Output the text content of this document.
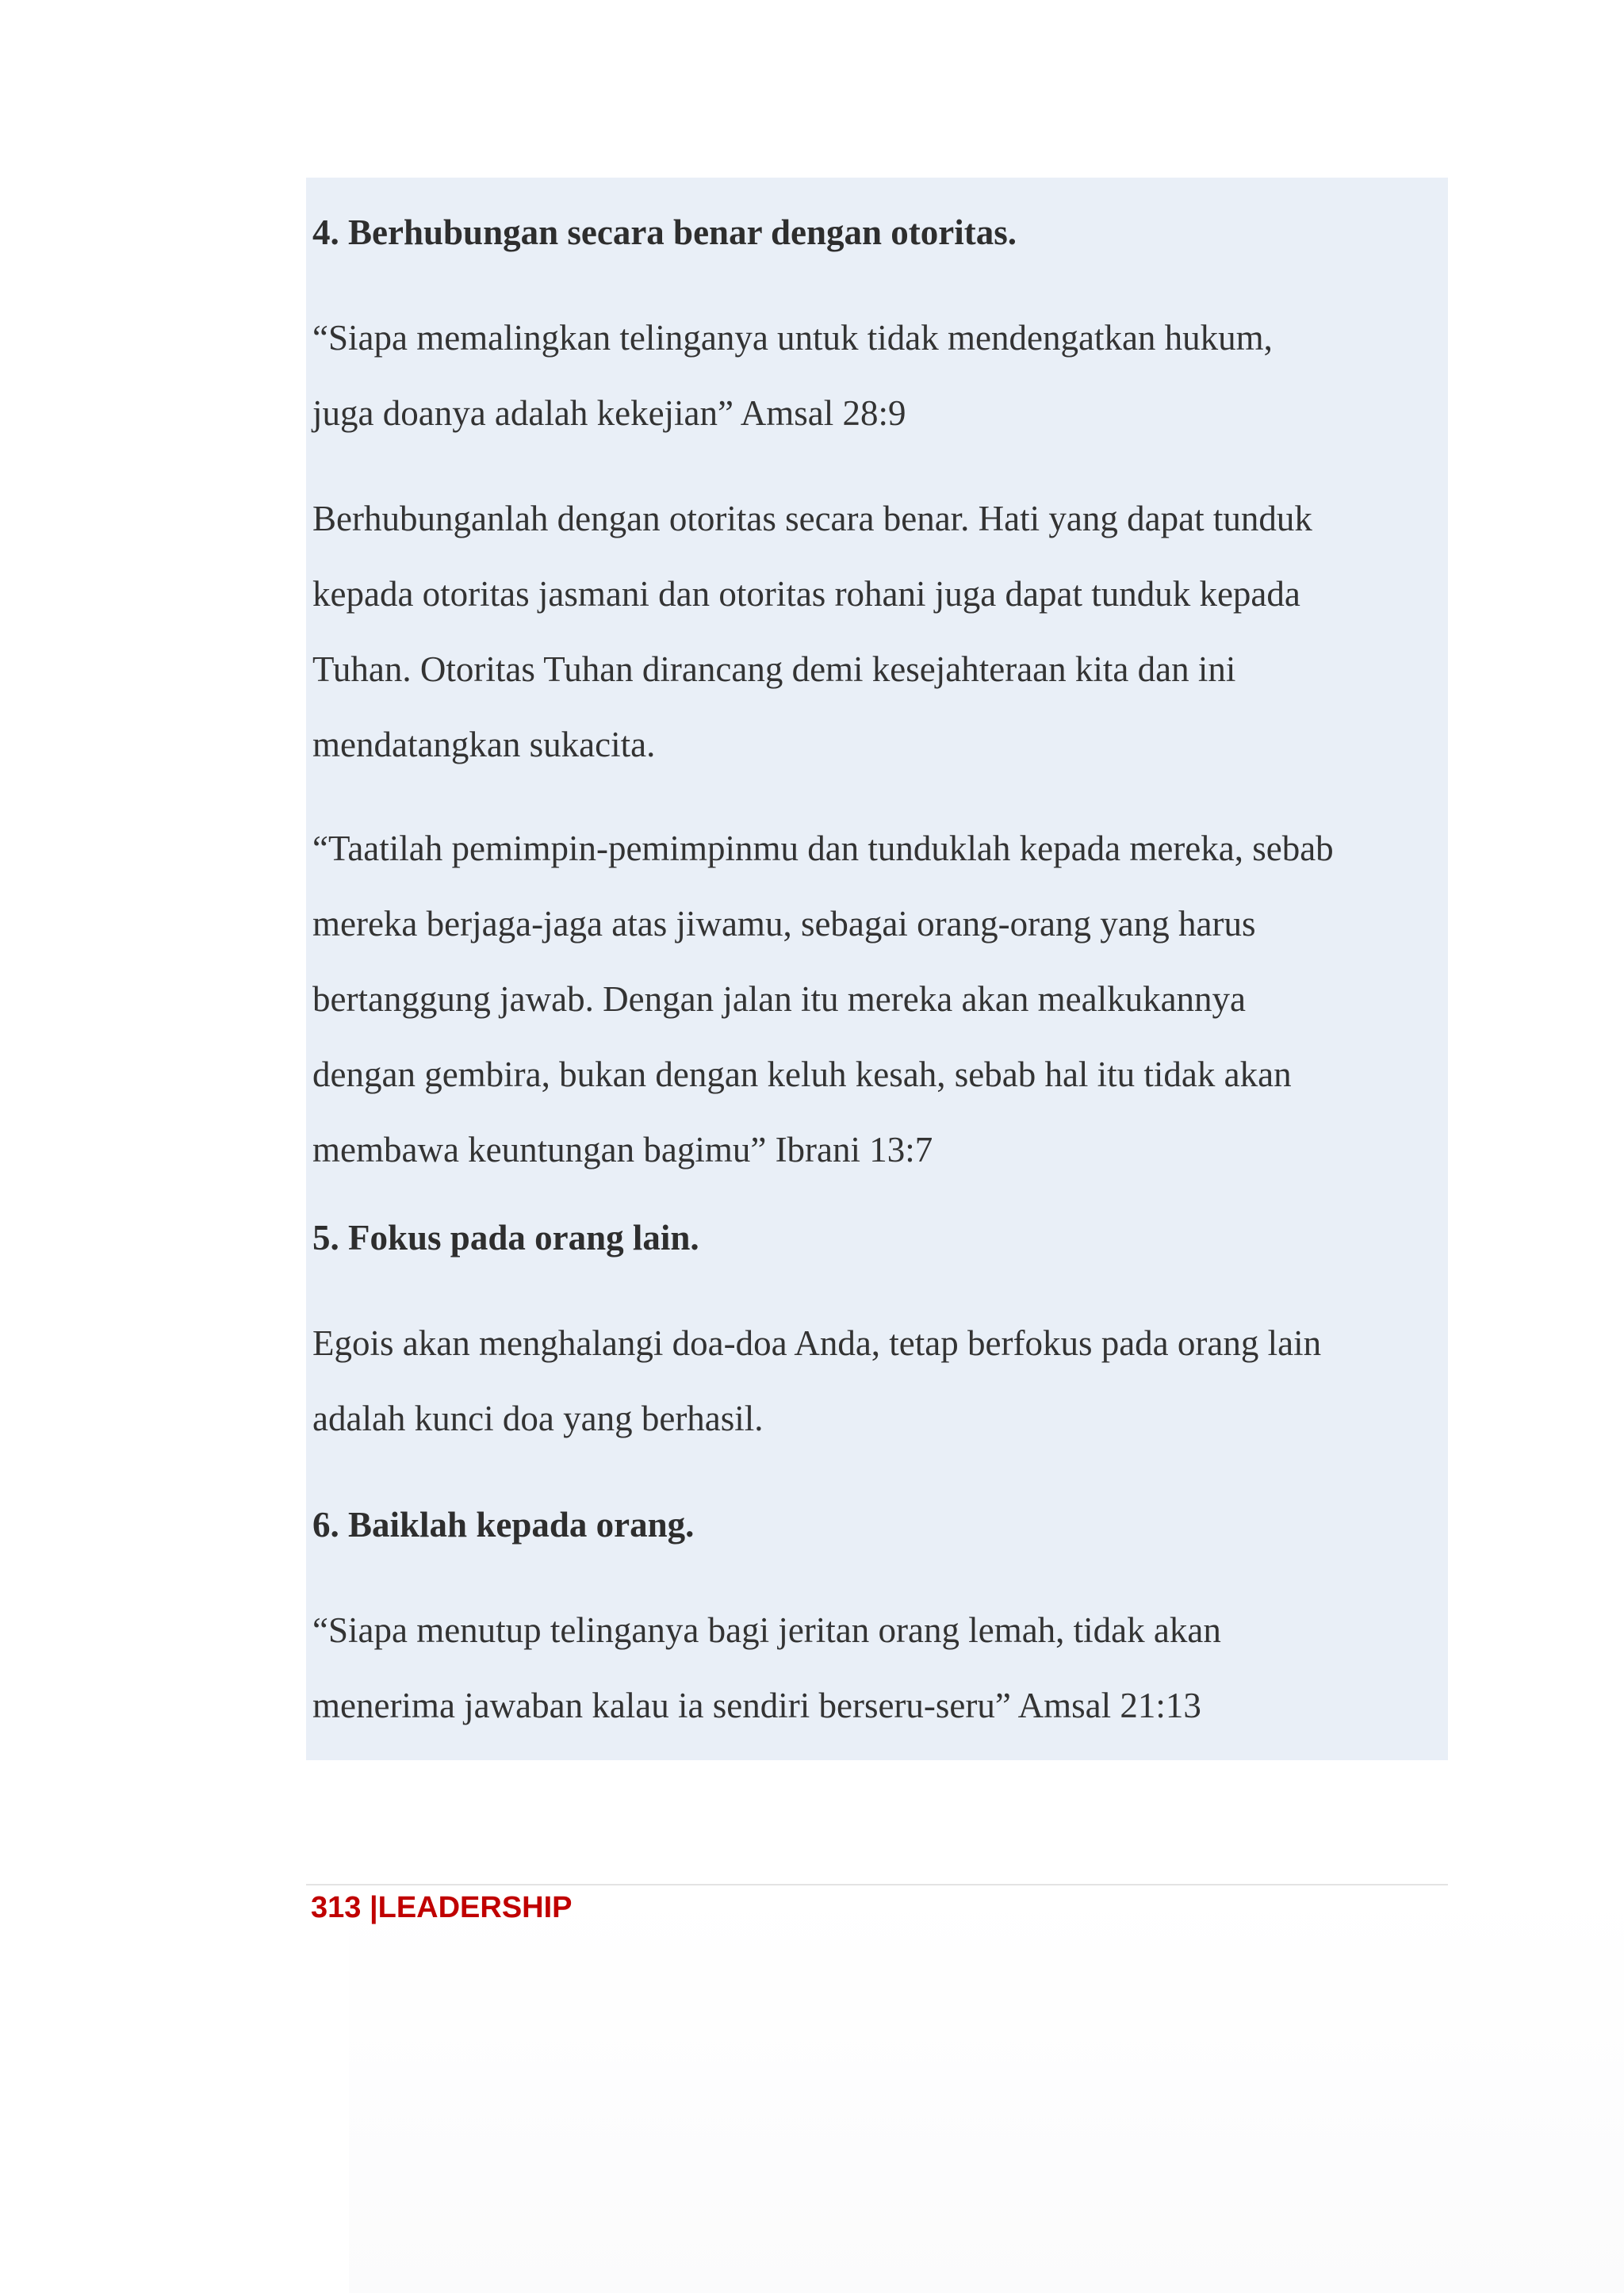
4. Berhubungan secara benar dengan otoritas.

“Siapa memalingkan telinganya untuk tidak mendengatkan hukum,
juga doanya adalah kekejian” Amsal 28:9

Berhubunganlah dengan otoritas secara benar. Hati yang dapat tunduk
kepada otoritas jasmani dan otoritas rohani juga dapat tunduk kepada
Tuhan. Otoritas Tuhan dirancang demi kesejahteraan kita dan ini
mendatangkan sukacita.

“Taatilah pemimpin-pemimpinmu dan tunduklah kepada mereka, sebab
mereka berjaga-jaga atas jiwamu, sebagai orang-orang yang harus
bertanggung jawab. Dengan jalan itu mereka akan mealkukannya
dengan gembira, bukan dengan keluh kesah, sebab hal itu tidak akan
membawa keuntungan bagimu” Ibrani 13:7

5. Fokus pada orang lain.

Egois akan menghalangi doa-doa Anda, tetap berfokus pada orang lain
adalah kunci doa yang berhasil.

6. Baiklah kepada orang.

“Siapa menutup telinganya bagi jeritan orang lemah, tidak akan
menerima jawaban kalau ia sendiri berseru-seru” Amsal 21:13

313 |LEADERSHIP
